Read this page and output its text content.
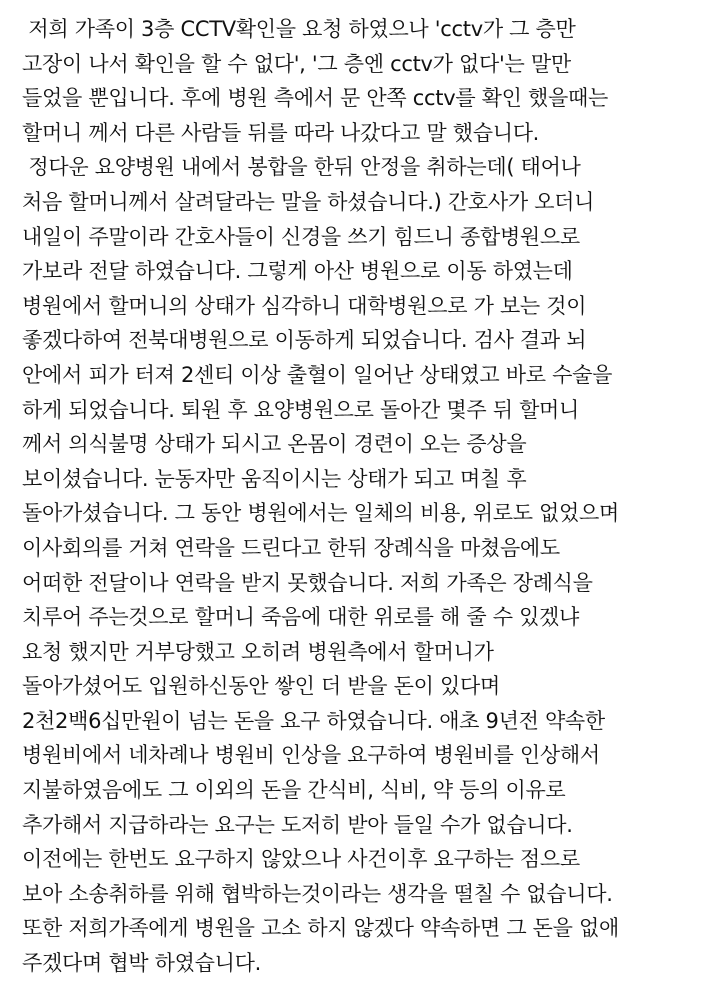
저희 가족이 3층 CCTV확인을 요청 하였으나 'cctv가 그 층만
고장이 나서 확인을 할 수 없다', '그 층엔 cctv가 없다'는 말만
들었을 뿐입니다. 후에 병원 측에서 문 안쪽 cctv를 확인 했을때는
할머니 께서 다른 사람들 뒤를 따라 나갔다고 말 했습니다.
정다운 요양병원 내에서 봉합을 한뒤 안정을 취하는데( 태어나
처음 할머니께서 살려달라는 말을 하셨습니다.) 간호사가 오더니
내일이 주말이라 간호사들이 신경을 쓰기 힘드니 종합병원으로
가보라 전달 하였습니다. 그렇게 아산 병원으로 이동 하였는데
병원에서 할머니의 상태가 심각하니 대학병원으로 가 보는 것이
좋겠다하여 전북대병원으로 이동하게 되었습니다. 검사 결과 뇌
안에서 피가 터져 2센티 이상 출혈이 일어난 상태였고 바로 수술을
하게 되었습니다. 퇴원 후 요양병원으로 돌아간 몇주 뒤 할머니
께서 의식불명 상태가 되시고 온몸이 경련이 오는 증상을
보이셨습니다. 눈동자만 움직이시는 상태가 되고 며칠 후
돌아가셨습니다. 그 동안 병원에서는 일체의 비용, 위로도 없었으며
이사회의를 거쳐 연락을 드린다고 한뒤 장례식을 마쳤음에도
어떠한 전달이나 연락을 받지 못했습니다. 저희 가족은 장례식을
치루어 주는것으로 할머니 죽음에 대한 위로를 해 줄 수 있겠냐
요청 했지만 거부당했고 오히려 병원측에서 할머니가
돌아가셨어도 입원하신동안 쌓인 더 받을 돈이 있다며
2천2백6십만원이 넘는 돈을 요구 하였습니다. 애초 9년전 약속한
병원비에서 네차례나 병원비 인상을 요구하여 병원비를 인상해서
지불하였음에도 그 이외의 돈을 간식비, 식비, 약 등의 이유로
추가해서 지급하라는 요구는 도저히 받아 들일 수가 없습니다.
이전에는 한번도 요구하지 않았으나 사건이후 요구하는 점으로
보아 소송취하를 위해 협박하는것이라는 생각을 떨칠 수 없습니다.
또한 저희가족에게 병원을 고소 하지 않겠다 약속하면 그 돈을 없애
주겠다며 협박 하였습니다.
